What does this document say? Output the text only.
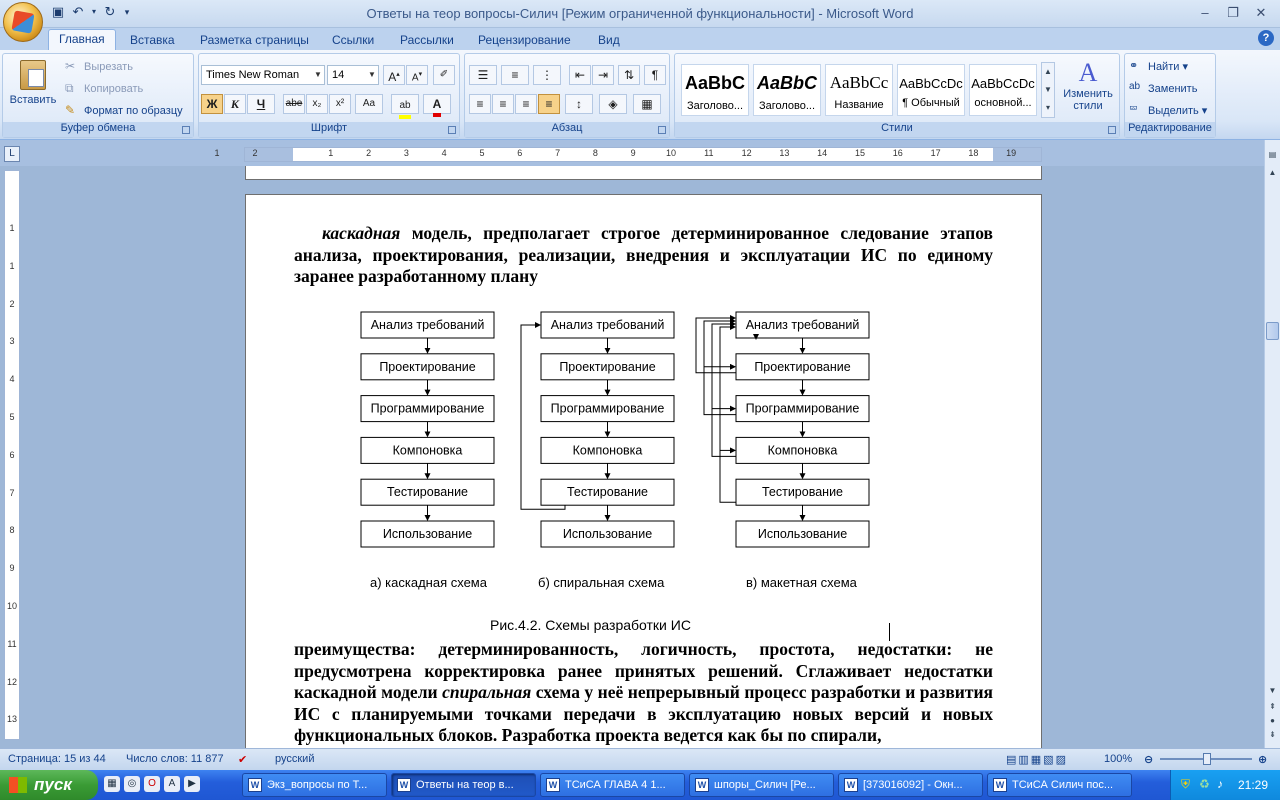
▣ ↶	▾ ↻	▾	Ответы на теор вопросы-Силич [Режим ограниченной функциональности] - Microsoft Word	–	❐	✕
Главная	Вставка	Разметка страницы	Ссылки	Рассылки	Рецензирование	Вид	?
Вставить
✂ Вырезать
⧉ Копировать
✎ Формат по образцу
Буфер обмена
Times New Roman ▼ 14	▼	A▴	A▾	✐
Ж	К	Ч	abe	x₂	x²	Aa	ab	A
Шрифт
☰	≡	⋮	⇤	⇥	⇅	¶
≡	≡	≡	≡	↕	◈	▦
Абзац
AaBbC
Заголово...
AaBbC
Заголово...
AaBbCc
Название
AaBbCcDc
¶ Обычный
AaBbCcDc
основной...
▲
▼
▾
A
Изменить стили
Стили
⚭ Найти ▾
ab Заменить
⮹ Выделить ▾
Редактирование
L	1	2	1	2	3	4	5	6	7	8	9	10	11	12	13	14	15	16	17	18	19
1
1
2
3
4
5
6
7
8
9
10
11
12
13
каскадная модель, предполагает строгое детерминированное следование этапов анализа, проектирования, реализации, внедрения и эксплуатации ИС по единому заранее разработанному плану
Анализ требований
Проектирование
Программирование
Компоновка
Тестирование
Использование
Анализ требований
Проектирование
Программирование
Компоновка
Тестирование
Использование
Анализ требований
Проектирование
Программирование
Компоновка
Тестирование
Использование
а) каскадная схема	б) спиральная схема	в) макетная схема
Рис.4.2. Схемы разработки ИС
преимущества: детерминированность, логичность, простота, недостатки: не предусмотрена корректировка ранее принятых решений. Сглаживает недостатки каскадной модели спиральная схема у неё непрерывный процесс разработки и развития ИС с планируемыми точками передачи в эксплуатацию новых версий и новых функциональных блоков. Разработка проекта ведется как бы по спирали,
▤
▲
▼
⇞
●
⇟
Страница: 15 из 44 Число слов: 11 877 ✔	русский	▤▥▦▧▨	100% ⊖	⊕
пуск	▦	◎	O	A	▶	W Экз_вопросы по Т...	W Ответы на теор в...	W ТСиСА ГЛАВА 4 1...	W шпоры_Силич [Ре...	W [373016092] - Окн...	W ТСиСА Силич пос...	⛨ ♻ ♪ 21:29
